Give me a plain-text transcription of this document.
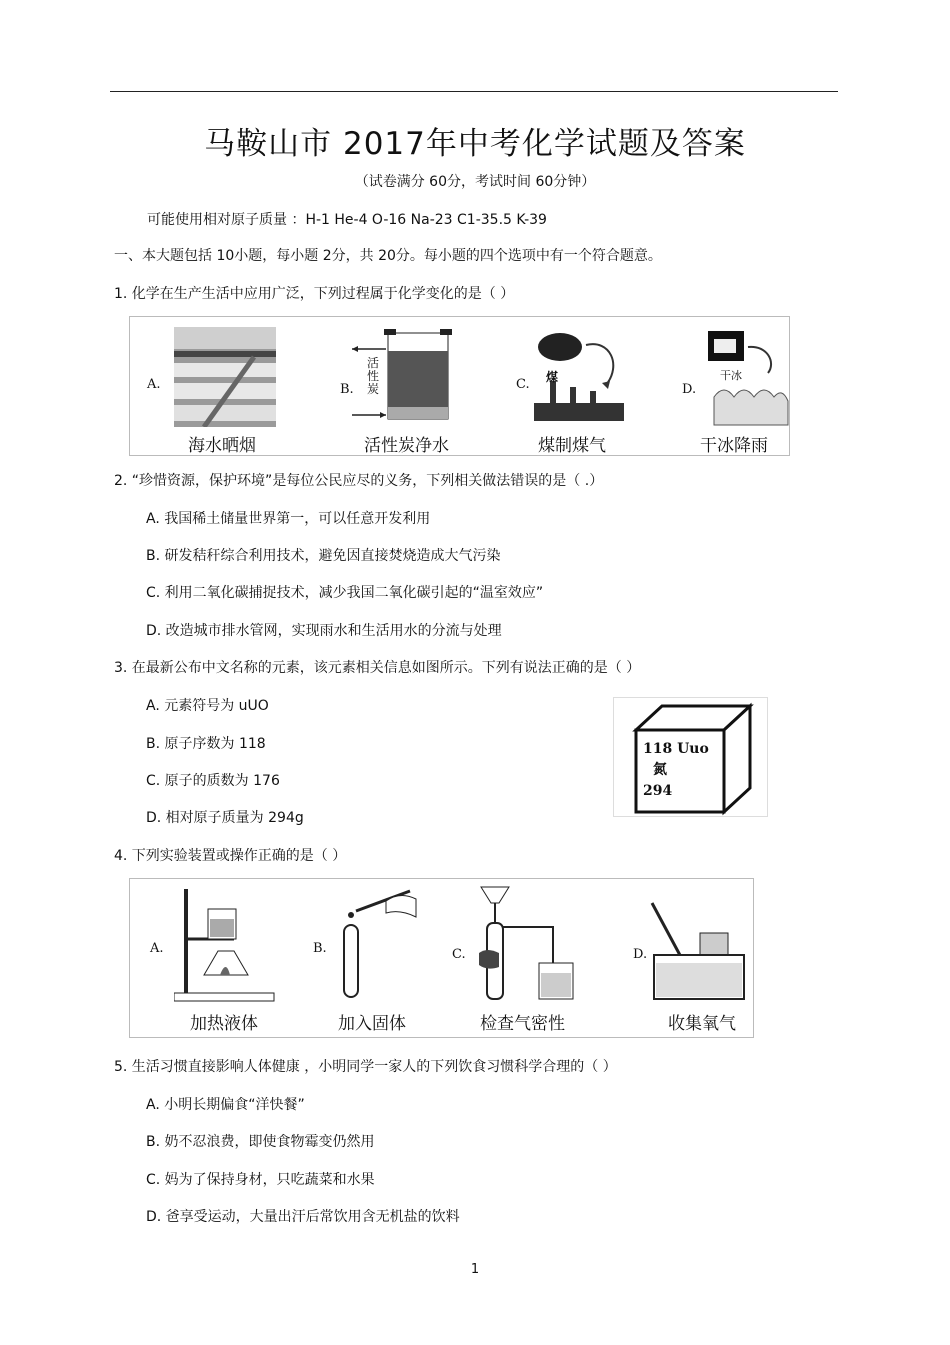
马鞍山市 2017年中考化学试题及答案
（试卷满分 60分，考试时间 60分钟）
可能使用相对原子质量 ：H-1 He-4 O-16 Na-23 C1-35.5 K-39
一、本大题包括 10小题，每小题 2分，共 20分。每小题的四个选项中有一个符合题意。
1. 化学在生产生活中应用广泛，下列过程属于化学变化的是（ ）
A.
海水晒烟
B.
活
性
炭
活性炭净水
C. 煤
煤制煤气
D.
干冰
干冰降雨
2. “珍惜资源，保护环境”是每位公民应尽的义务，下列相关做法错误的是（ .）
A. 我国稀土储量世界第一，可以任意开发利用
B. 研发秸秆综合利用技术，避免因直接焚烧造成大气污染
C. 利用二氧化碳捕捉技术，减少我国二氧化碳引起的“温室效应”
D. 改造城市排水管网，实现雨水和生活用水的分流与处理
3. 在最新公布中文名称的元素，该元素相关信息如图所示。下列有说法正确的是（ ）
A. 元素符号为 uUO
B. 原子序数为 118
C. 原子的质数为 176
D. 相对原子质量为 294g
118 Uuo
氮
294
4. 下列实验装置或操作正确的是（ ）
A.
加热液体
B.
加入固体
C.
检查气密性
D.
收集氧气
5. 生活习惯直接影响人体健康 ，小明同学一家人的下列饮食习惯科学合理的（ ）
A. 小明长期偏食“洋快餐”
B. 奶不忍浪费，即使食物霉变仍然用
C. 妈为了保持身材，只吃蔬菜和水果
D. 爸享受运动，大量出汗后常饮用含无机盐的饮料
1
